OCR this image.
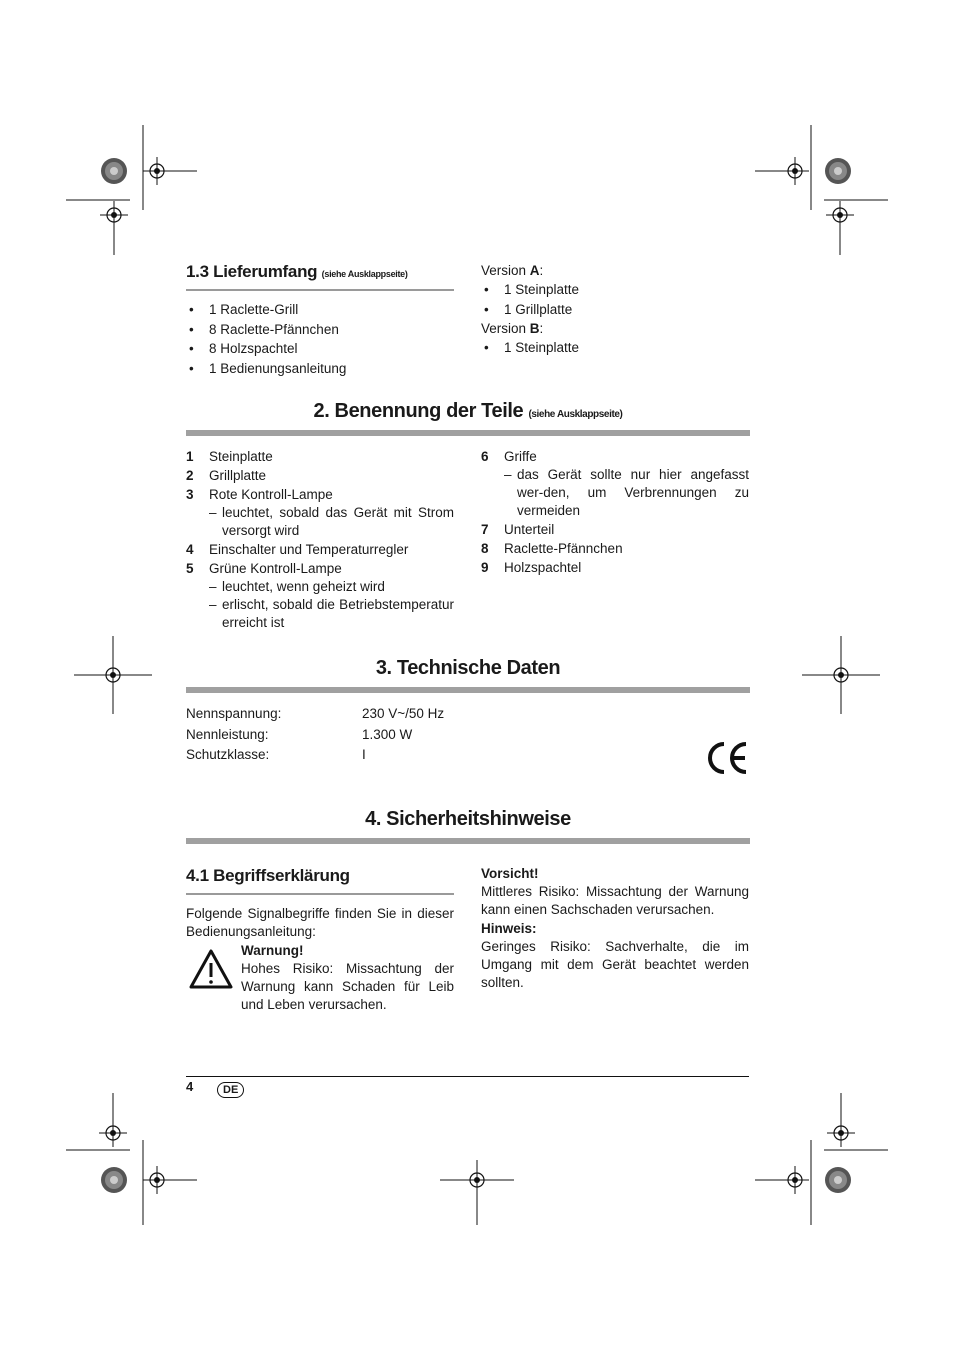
1.3 Lieferumfang (siehe Ausklappseite)
• 1 Raclette-Grill
• 8 Raclette-Pfännchen
• 8 Holzspachtel
• 1 Bedienungsanleitung
Version A:
• 1 Steinplatte
• 1 Grillplatte
Version B:
• 1 Steinplatte
2. Benennung der Teile (siehe Ausklappseite)
1 Steinplatte
2 Grillplatte
3 Rote Kontroll-Lampe
– leuchtet, sobald das Gerät mit Strom versorgt wird
4 Einschalter und Temperaturregler
5 Grüne Kontroll-Lampe
– leuchtet, wenn geheizt wird
– erlischt, sobald die Betriebstemperatur erreicht ist
6 Griffe
– das Gerät sollte nur hier angefasst wer-den, um Verbrennungen zu vermeiden
7 Unterteil
8 Raclette-Pfännchen
9 Holzspachtel
3. Technische Daten
Nennspannung:	230 V~/50 Hz
Nennleistung:	1.300 W
Schutzklasse:	I
4. Sicherheitshinweise
4.1 Begriffserklärung
Folgende Signalbegriffe finden Sie in dieser Bedienungsanleitung:
Warnung!
Hohes Risiko: Missachtung der Warnung kann Schaden für Leib und Leben verursachen.
Vorsicht!
Mittleres Risiko: Missachtung der Warnung kann einen Sachschaden verursachen.
Hinweis:
Geringes Risiko: Sachverhalte, die im Umgang mit dem Gerät beachtet werden sollten.
4	DE
